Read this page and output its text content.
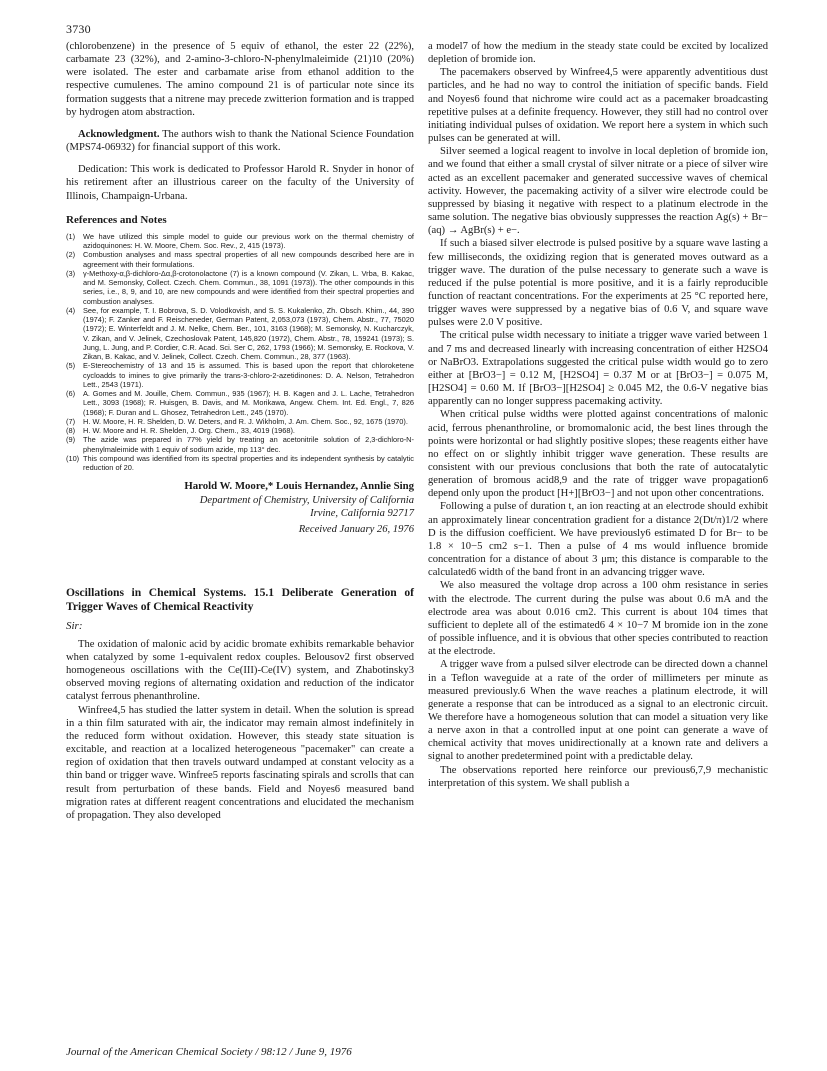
3730

(chlorobenzene) in the presence of 5 equiv of ethanol, the ester 22 (22%), carbamate 23 (32%), and 2-amino-3-chloro-N-phenylmaleimide (21)10 (20%) were isolated. The ester and carbamate arise from ethanol addition to the respective cumulenes. The amino compound 21 is of particular note since its formation suggests that a nitrene may precede zwitterion formation and is trapped by hydrogen atom abstraction.

Acknowledgment. The authors wish to thank the National Science Foundation (MPS74-06932) for financial support of this work.

Dedication: This work is dedicated to Professor Harold R. Snyder in honor of his retirement after an illustrious career on the faculty of the University of Illinois, Champaign-Urbana.

References and Notes
(1)	We have utilized this simple model to guide our previous work on the thermal chemistry of azidoquinones: H. W. Moore, Chem. Soc. Rev., 2, 415 (1973).
(2)	Combustion analyses and mass spectral properties of all new compounds described here are in agreement with their formulations.
(3)	γ-Methoxy-α,β-dichloro-Δα,β-crotonolactone (7) is a known compound (V. Zikan, L. Vrba, B. Kakac, and M. Semonsky, Collect. Czech. Chem. Commun., 38, 1091 (1973)). The other compounds in this series, i.e., 8, 9, and 10, are new compounds and were identified from their spectral properties and combustion analyses.
(4)	See, for example, T. I. Bobrova, S. D. Volodkovish, and S. S. Kukalenko, Zh. Obsch. Khim., 44, 390 (1974); F. Zanker and F. Reischeneder, German Patent, 2,053,073 (1973), Chem. Abstr., 77, 75020 (1972); E. Winterfeldt and J. M. Nelke, Chem. Ber., 101, 3163 (1968); M. Semonsky, N. Kucharczyk, V. Zikan, and V. Jelinek, Czechoslovak Patent, 145,820 (1972), Chem. Abstr., 78, 159241 (1973); S. Jung, L. Jung, and P. Cordier, C.R. Acad. Sci. Ser C, 262, 1793 (1966); M. Semonsky, E. Rockova, V. Zikan, B. Kakac, and V. Jelinek, Collect. Czech. Chem. Commun., 28, 377 (1963).
(5)	E-Stereochemistry of 13 and 15 is assumed. This is based upon the report that chloroketene cycloadds to imines to give primarily the trans-3-chloro-2-azetidinones: D. A. Nelson, Tetrahedron Lett., 2543 (1971).
(6)	A. Gomes and M. Jouille, Chem. Commun., 935 (1967); H. B. Kagen and J. L. Lache, Tetrahedron Lett., 3093 (1968); R. Huisgen, B. Davis, and M. Morikawa, Angew. Chem. Int. Ed. Engl., 7, 826 (1968); F. Duran and L. Ghosez, Tetrahedron Lett., 245 (1970).
(7)	H. W. Moore, H. R. Shelden, D. W. Deters, and R. J. Wikholm, J. Am. Chem. Soc., 92, 1675 (1970).
(8)	H. W. Moore and H. R. Shelden, J. Org. Chem., 33, 4019 (1968).
(9)	The azide was prepared in 77% yield by treating an acetonitrile solution of 2,3-dichloro-N-phenylmaleimide with 1 equiv of sodium azide, mp 113° dec.
(10) This compound was identified from its spectral properties and its independent synthesis by catalytic reduction of 20.
Harold W. Moore,* Louis Hernandez, Annlie Sing
Department of Chemistry, University of California
Irvine, California 92717
Received January 26, 1976
Oscillations in Chemical Systems. 15.1 Deliberate Generation of Trigger Waves of Chemical Reactivity
Sir:

The oxidation of malonic acid by acidic bromate exhibits remarkable behavior when catalyzed by some 1-equivalent redox couples. Belousov2 first observed homogeneous oscillations with the Ce(III)-Ce(IV) system, and Zhabotinsky3 observed moving regions of alternating oxidation and reduction of the indicator catalyst ferrous phenanthroline.

Winfree4,5 has studied the latter system in detail. When the solution is spread in a thin film saturated with air, the indicator may remain almost indefinitely in the reduced form without oxidation. However, this steady state situation is excitable, and reaction at a localized heterogeneous "pacemaker" can create a region of oxidation that then travels outward undamped at constant velocity as a thin band or trigger wave. Winfree5 reports fascinating spirals and scrolls that can result from perturbation of these bands. Field and Noyes6 measured band migration rates at different reagent concentrations and elucidated the mechanism of propagation. They also developed

a model7 of how the medium in the steady state could be excited by localized depletion of bromide ion.

The pacemakers observed by Winfree4,5 were apparently adventitious dust particles, and he had no way to control the initiation of specific bands. Field and Noyes6 found that nichrome wire could act as a pacemaker broadcasting repetitive pulses at a definite frequency. However, they still had no control over initiating individual pulses of oxidation. We report here a system in which such pulses can be generated at will.

Silver seemed a logical reagent to involve in local depletion of bromide ion, and we found that either a small crystal of silver nitrate or a piece of silver wire acted as an excellent pacemaker and generated successive waves of chemical activity. However, the pacemaking activity of a silver wire electrode could be suppressed by biasing it negative with respect to a platinum electrode in the same solution. The negative bias obviously suppresses the reaction Ag(s) + Br−(aq) → AgBr(s) + e−.

If such a biased silver electrode is pulsed positive by a square wave lasting a few milliseconds, the oxidizing region that is generated moves outward as a trigger wave. The duration of the pulse necessary to generate such a wave is reduced if the pulse potential is more positive, and it is a fairly reproducible function of reactant concentrations. For the experiments at 25 °C reported here, trigger waves were suppressed by a negative bias of 0.6 V, and square wave pulses were 2.0 V positive.

The critical pulse width necessary to initiate a trigger wave varied between 1 and 7 ms and decreased linearly with increasing concentration of either H2SO4 or NaBrO3. Extrapolations suggested the critical pulse width would go to zero either at [BrO3−] = 0.12 M, [H2SO4] = 0.37 M or at [BrO3−] = 0.075 M, [H2SO4] = 0.60 M. If [BrO3−][H2SO4] ≥ 0.045 M2, the 0.6-V negative bias apparently can no longer suppress pacemaking activity.

When critical pulse widths were plotted against concentrations of malonic acid, ferrous phenanthroline, or bromomalonic acid, the best lines through the points were horizontal or had slightly positive slopes; these reagents either have no effect on or slightly inhibit trigger wave generation. These results are consistent with our previous conclusions that both the rate of autocatalytic generation of bromous acid8,9 and the rate of trigger wave propagation6 depend only upon the product [H+][BrO3−] and not upon other concentrations.

Following a pulse of duration t, an ion reacting at an electrode should exhibit an approximately linear concentration gradient for a distance 2(Dt/π)1/2 where D is the diffusion coefficient. We have previously6 estimated D for Br− to be 1.8 × 10−5 cm2 s−1. Then a pulse of 4 ms would influence bromide concentration for a distance of about 3 μm; this distance is comparable to the calculated6 width of the band front in an advancing trigger wave.

We also measured the voltage drop across a 100 ohm resistance in series with the electrode. The current during the pulse was about 0.6 mA and the electrode area was about 0.016 cm2. This current is about 104 times that sufficient to deplete all of the estimated6 4 × 10−7 M bromide ion in the zone of possible influence, and it is obvious that other species contributed to reaction at the electrode.

A trigger wave from a pulsed silver electrode can be directed down a channel in a Teflon waveguide at a rate of the order of millimeters per minute as measured previously.6 When the wave reaches a platinum electrode, it will generate a response that can be introduced as a signal to an electronic circuit. We therefore have a homogeneous solution that can model a situation very like a nerve axon in that a controlled input at one point can generate a wave of chemical activity that moves unidirectionally at a known rate and delivers a signal to another predetermined point with a predictable delay.

The observations reported here reinforce our previous6,7,9 mechanistic interpretation of this system. We shall publish a

Journal of the American Chemical Society / 98:12 / June 9, 1976
